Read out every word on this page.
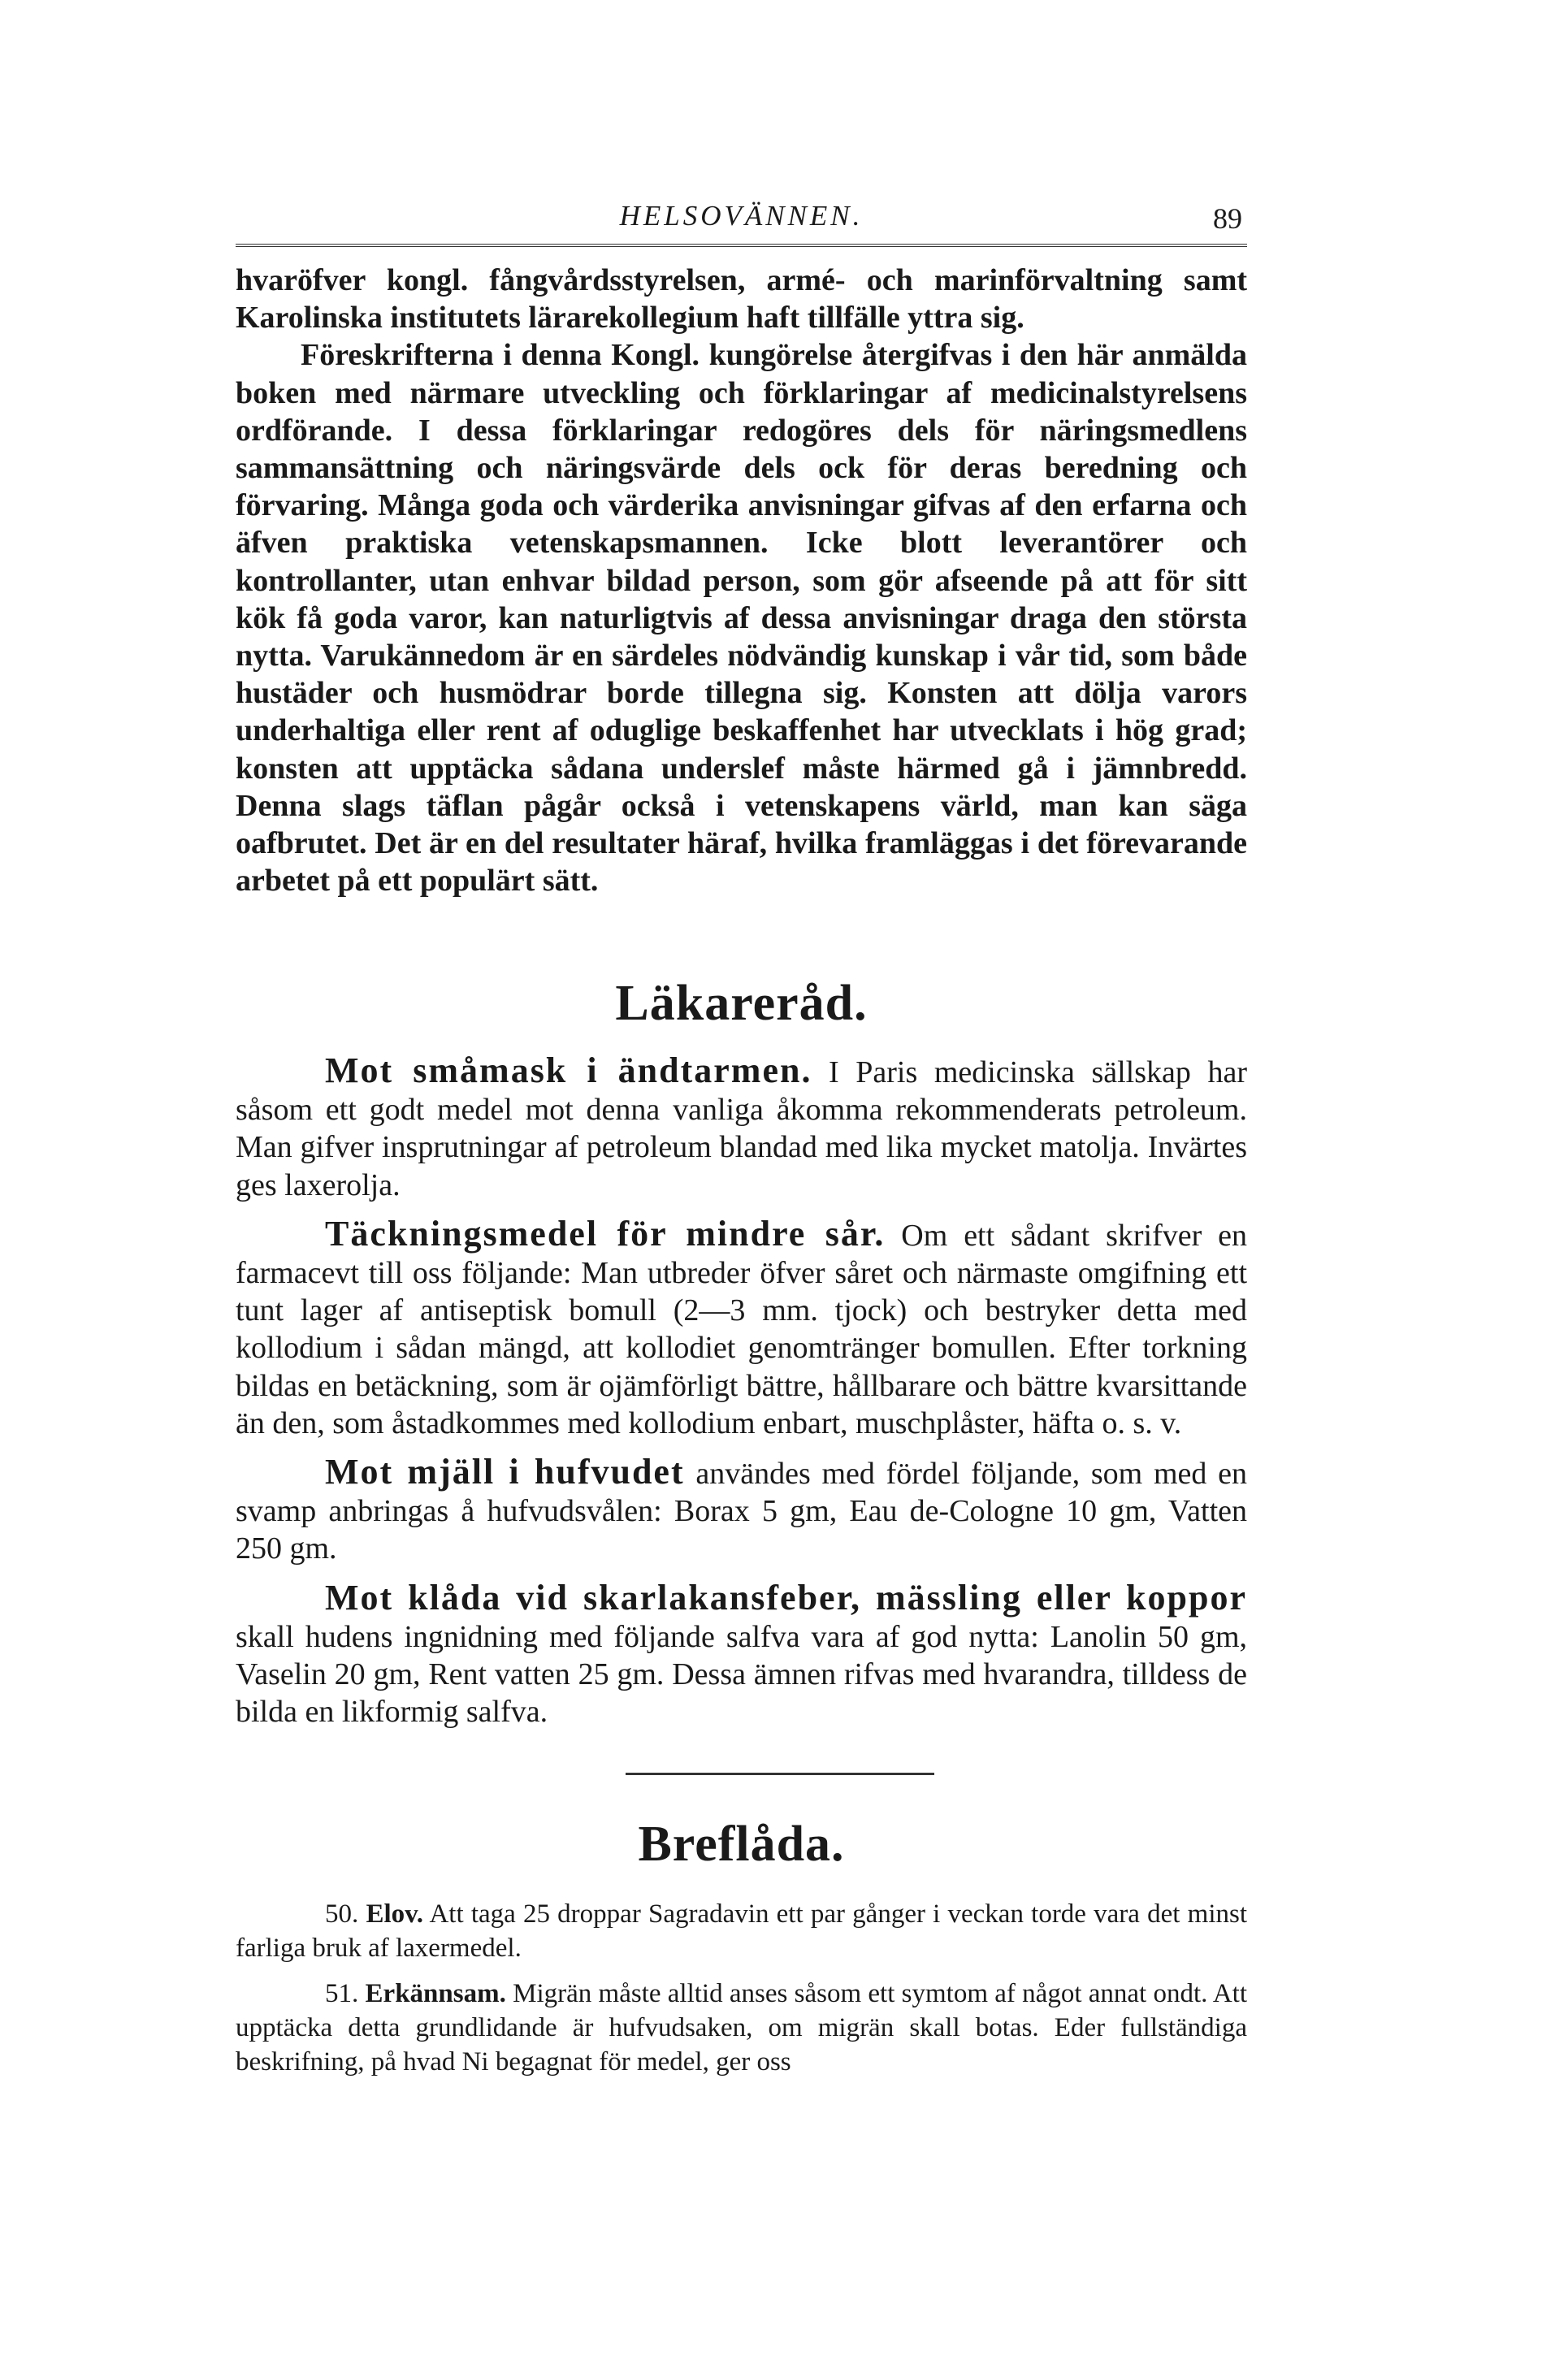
HELSOVÄNNEN.	89

hvaröfver kongl. fångvårdsstyrelsen, armé- och marinförvaltning samt Karolinska institutets lärarekollegium haft tillfälle yttra sig.

Föreskrifterna i denna Kongl. kungörelse återgifvas i den här anmälda boken med närmare utveckling och förklaringar af medicinalstyrelsens ordförande. I dessa förklaringar redogöres dels för näringsmedlens sammansättning och näringsvärde dels ock för deras beredning och förvaring. Många goda och värderika anvisningar gifvas af den erfarna och äfven praktiska vetenskapsmannen. Icke blott leverantörer och kontrollanter, utan enhvar bildad person, som gör afseende på att för sitt kök få goda varor, kan naturligtvis af dessa anvisningar draga den största nytta. Varukännedom är en särdeles nödvändig kunskap i vår tid, som både hustäder och husmödrar borde tillegna sig. Konsten att dölja varors underhaltiga eller rent af oduglige beskaffenhet har utvecklats i hög grad; konsten att upptäcka sådana underslef måste härmed gå i jämnbredd. Denna slags täflan pågår också i vetenskapens värld, man kan säga oafbrutet. Det är en del resultater häraf, hvilka framläggas i det förevarande arbetet på ett populärt sätt.

Läkareråd.

Mot småmask i ändtarmen. I Paris medicinska sällskap har såsom ett godt medel mot denna vanliga åkomma rekommenderats petroleum. Man gifver insprutningar af petroleum blandad med lika mycket matolja. Invärtes ges laxerolja.

Täckningsmedel för mindre sår. Om ett sådant skrifver en farmacevt till oss följande: Man utbreder öfver såret och närmaste omgifning ett tunt lager af antiseptisk bomull (2—3 mm. tjock) och bestryker detta med kollodium i sådan mängd, att kollodiet genomtränger bomullen. Efter torkning bildas en betäckning, som är ojämförligt bättre, hållbarare och bättre kvarsittande än den, som åstadkommes med kollodium enbart, muschplåster, häfta o. s. v.

Mot mjäll i hufvudet användes med fördel följande, som med en svamp anbringas å hufvudsvålen: Borax 5 gm, Eau de-Cologne 10 gm, Vatten 250 gm.

Mot klåda vid skarlakansfeber, mässling eller koppor skall hudens ingnidning med följande salfva vara af god nytta: Lanolin 50 gm, Vaselin 20 gm, Rent vatten 25 gm. Dessa ämnen rifvas med hvarandra, tilldess de bilda en likformig salfva.

Breflåda.

50. Elov. Att taga 25 droppar Sagradavin ett par gånger i veckan torde vara det minst farliga bruk af laxermedel.

51. Erkännsam. Migrän måste alltid anses såsom ett symtom af något annat ondt. Att upptäcka detta grundlidande är hufvudsaken, om migrän skall botas. Eder fullständiga beskrifning, på hvad Ni begagnat för medel, ger oss
